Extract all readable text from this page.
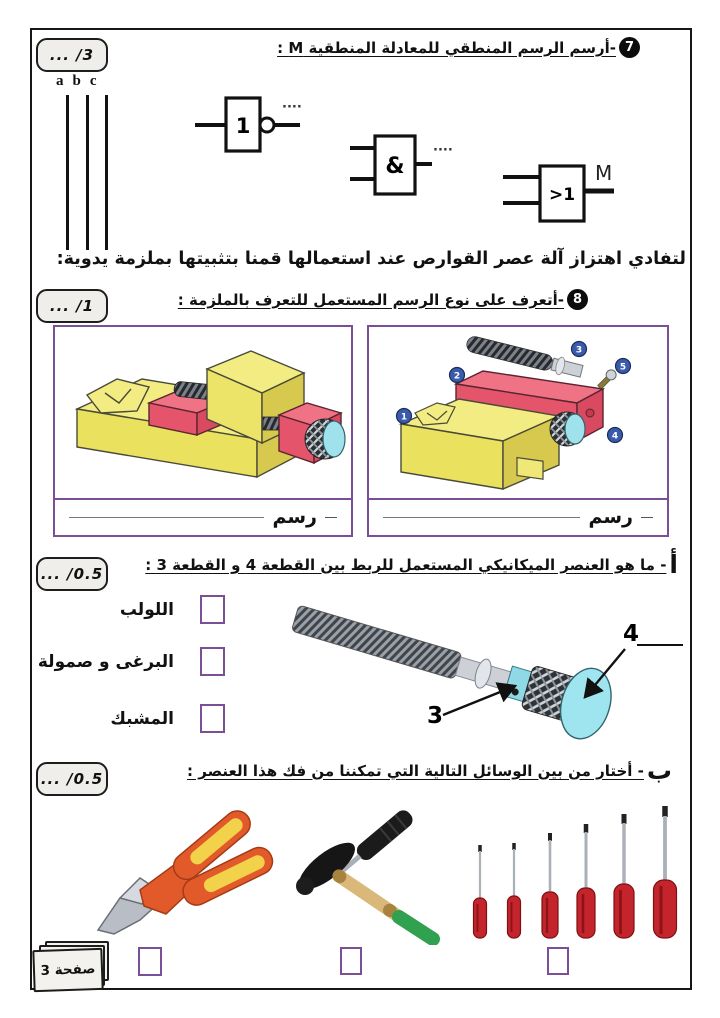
... /3	7
-أرسم الرسم المنطقي للمعادلة المنطقية M :
a b c
1
····
&
····
>1
M
لتفادي اهتزاز آلة عصر القوارص عند استعمالها قمنا بتثبيتها بملزمة يدوية:
... /1	8
-أتعرف على نوع الرسم المستعمل للتعرف بالملزمة :
رسم
1
2
3
4
5
رسم
... /0.5	أ
- ما هو العنصر الميكانيكي المستعمل للربط بين القطعة 4 و القطعة 3 :
اللولب
البرغى و صمولة
المشبك	3
4
... /0.5	ب
- أختار من بين الوسائل التالية التي تمكننا من فك هذا العنصر :
صفحة 3
